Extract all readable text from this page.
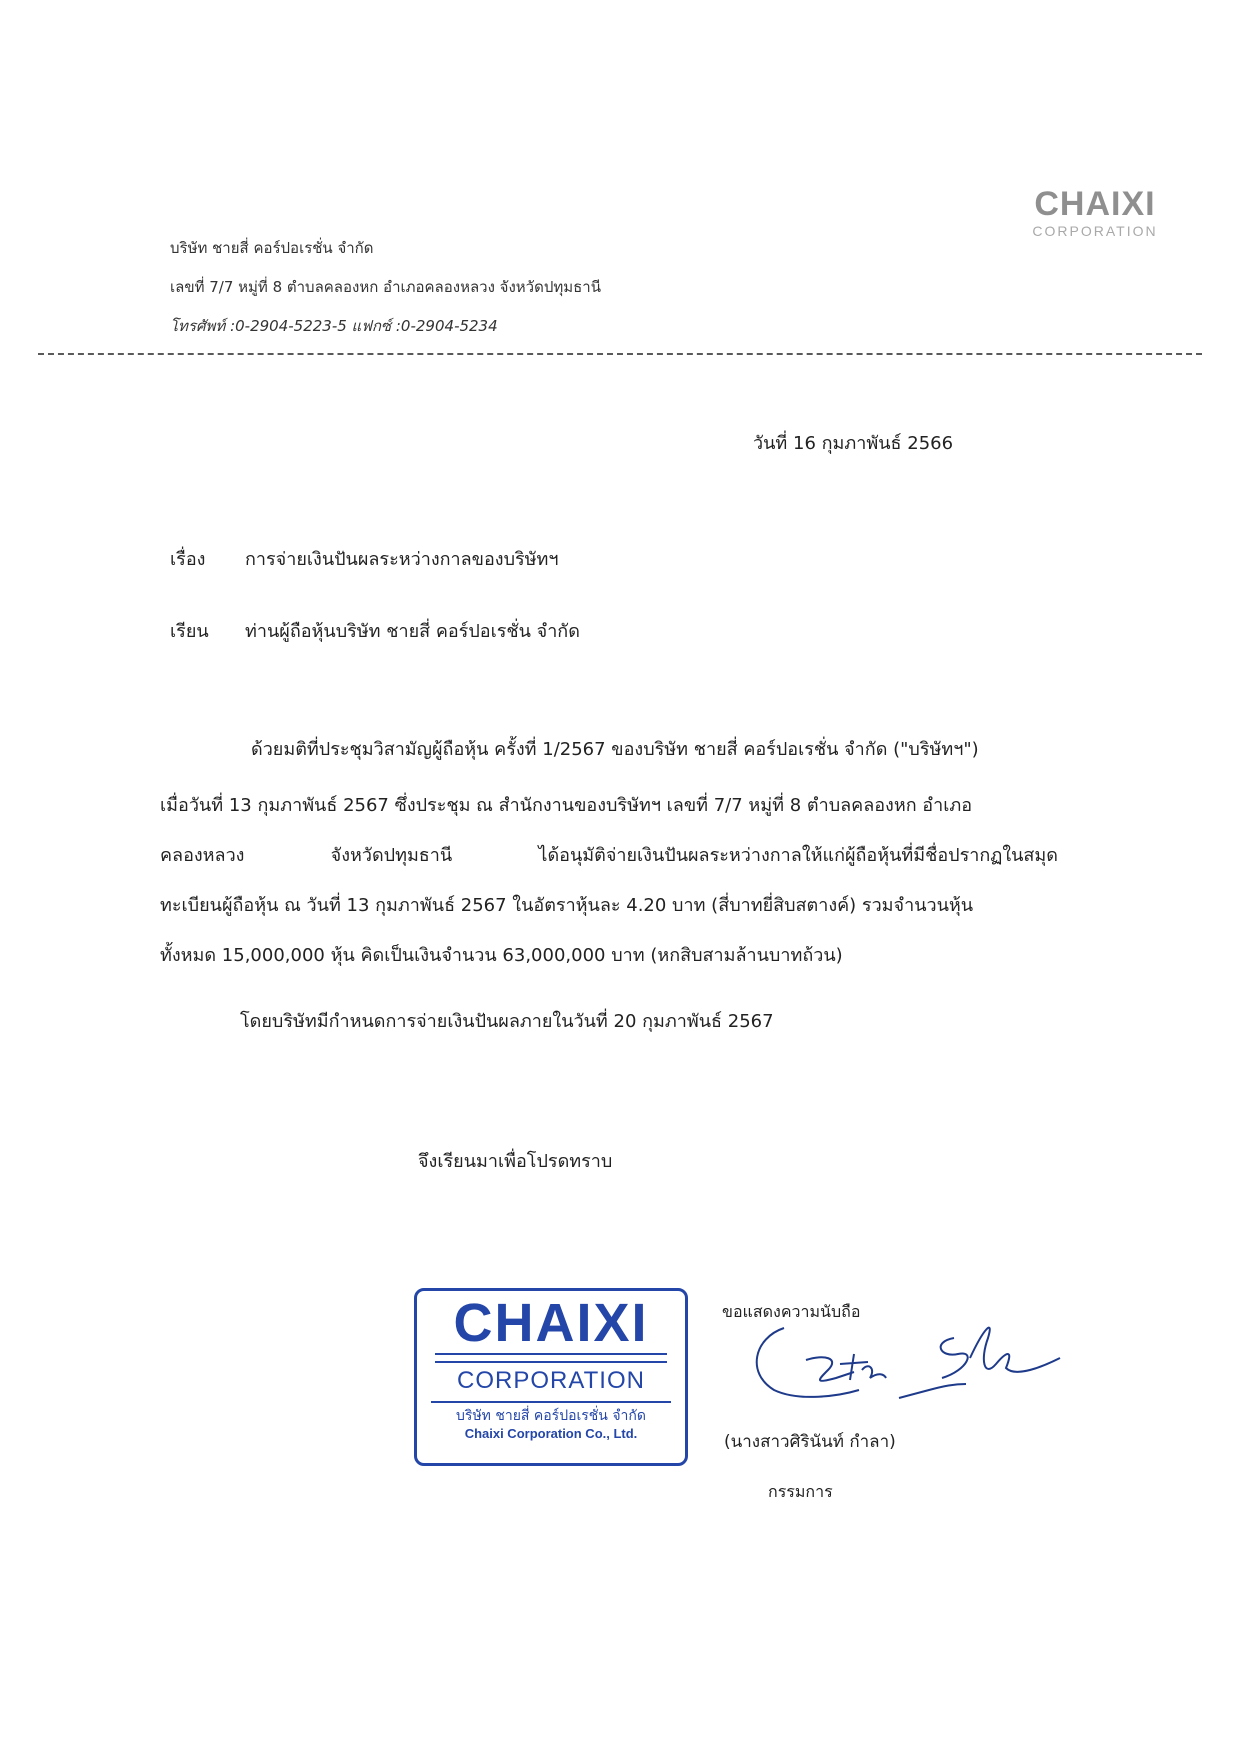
CHAIXI
CORPORATION
บริษัท ชายสี่ คอร์ปอเรชั่น จำกัด
เลขที่ 7/7 หมู่ที่ 8 ตำบลคลองหก อำเภอคลองหลวง จังหวัดปทุมธานี
โทรศัพท์ :0-2904-5223-5 แฟกซ์ :0-2904-5234
วันที่ 16 กุมภาพันธ์ 2566
เรื่อง การจ่ายเงินปันผลระหว่างกาลของบริษัทฯ
เรียน ท่านผู้ถือหุ้นบริษัท ชายสี่ คอร์ปอเรชั่น จำกัด
ด้วยมติที่ประชุมวิสามัญผู้ถือหุ้น ครั้งที่ 1/2567 ของบริษัท ชายสี่ คอร์ปอเรชั่น จำกัด ("บริษัทฯ")
เมื่อวันที่ 13 กุมภาพันธ์ 2567 ซึ่งประชุม ณ สำนักงานของบริษัทฯ เลขที่ 7/7 หมู่ที่ 8 ตำบลคลองหก อำเภอ
คลองหลวง	จังหวัดปทุมธานี	ได้อนุมัติจ่ายเงินปันผลระหว่างกาลให้แก่ผู้ถือหุ้นที่มีชื่อปรากฏในสมุด
ทะเบียนผู้ถือหุ้น ณ วันที่ 13 กุมภาพันธ์ 2567 ในอัตราหุ้นละ 4.20 บาท (สี่บาทยี่สิบสตางค์) รวมจำนวนหุ้น
ทั้งหมด 15,000,000 หุ้น คิดเป็นเงินจำนวน 63,000,000 บาท (หกสิบสามล้านบาทถ้วน)
โดยบริษัทมีกำหนดการจ่ายเงินปันผลภายในวันที่ 20 กุมภาพันธ์ 2567
จึงเรียนมาเพื่อโปรดทราบ
CHAIXI
CORPORATION
บริษัท ชายสี่ คอร์ปอเรชั่น จำกัด
Chaixi Corporation Co., Ltd.
ขอแสดงความนับถือ
(นางสาวศิรินันท์ กำลา)
กรรมการ
